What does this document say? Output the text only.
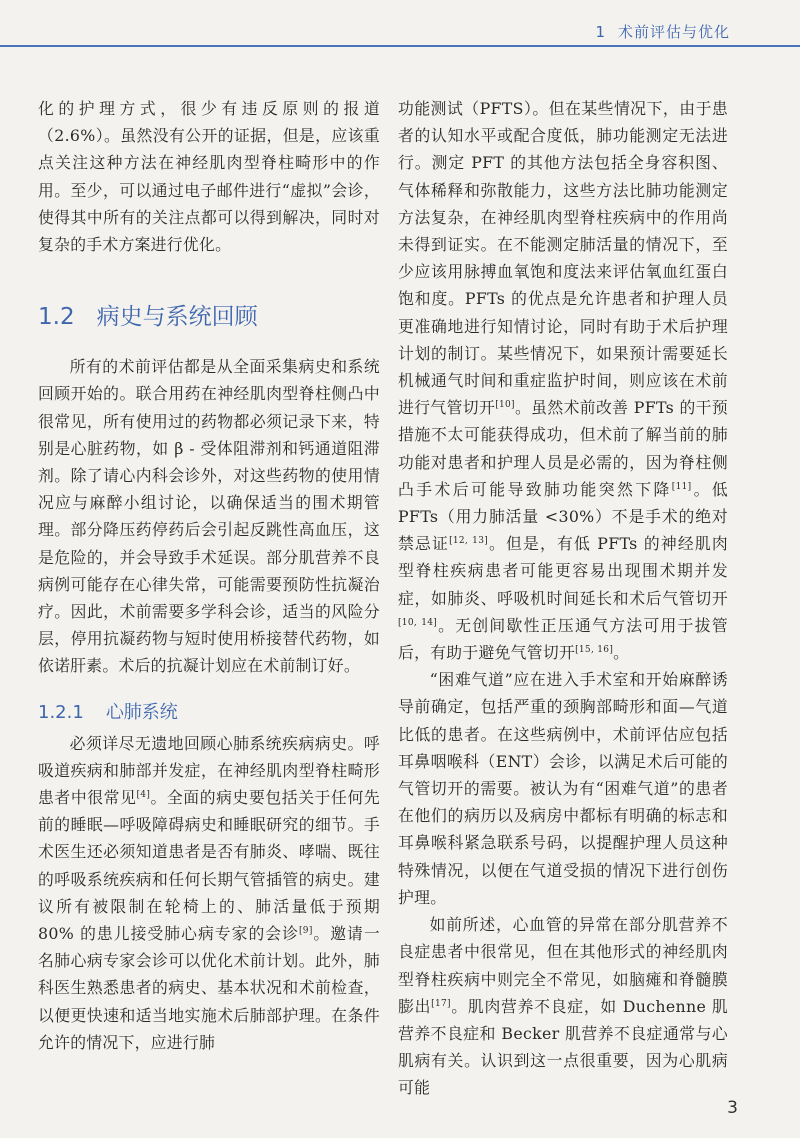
1 术前评估与优化

化的护理方式，很少有违反原则的报道（2.6%）。虽然没有公开的证据，但是，应该重点关注这种方法在神经肌肉型脊柱畸形中的作用。至少，可以通过电子邮件进行“虚拟”会诊，使得其中所有的关注点都可以得到解决，同时对复杂的手术方案进行优化。

1.2 病史与系统回顾

所有的术前评估都是从全面采集病史和系统回顾开始的。联合用药在神经肌肉型脊柱侧凸中很常见，所有使用过的药物都必须记录下来，特别是心脏药物，如 β - 受体阻滞剂和钙通道阻滞剂。除了请心内科会诊外，对这些药物的使用情况应与麻醉小组讨论，以确保适当的围术期管理。部分降压药停药后会引起反跳性高血压，这是危险的，并会导致手术延误。部分肌营养不良病例可能存在心律失常，可能需要预防性抗凝治疗。因此，术前需要多学科会诊，适当的风险分层，停用抗凝药物与短时使用桥接替代药物，如依诺肝素。术后的抗凝计划应在术前制订好。

1.2.1 心肺系统

必须详尽无遗地回顾心肺系统疾病病史。呼吸道疾病和肺部并发症，在神经肌肉型脊柱畸形患者中很常见[4]。全面的病史要包括关于任何先前的睡眠—呼吸障碍病史和睡眠研究的细节。手术医生还必须知道患者是否有肺炎、哮喘、既往的呼吸系统疾病和任何长期气管插管的病史。建议所有被限制在轮椅上的、肺活量低于预期 80% 的患儿接受肺心病专家的会诊[9]。邀请一名肺心病专家会诊可以优化术前计划。此外，肺科医生熟悉患者的病史、基本状况和术前检查，以便更快速和适当地实施术后肺部护理。在条件允许的情况下，应进行肺

功能测试（PFTS）。但在某些情况下，由于患者的认知水平或配合度低，肺功能测定无法进行。测定 PFT 的其他方法包括全身容积图、气体稀释和弥散能力，这些方法比肺功能测定方法复杂，在神经肌肉型脊柱疾病中的作用尚未得到证实。在不能测定肺活量的情况下，至少应该用脉搏血氧饱和度法来评估氧血红蛋白饱和度。PFTs 的优点是允许患者和护理人员更准确地进行知情讨论，同时有助于术后护理计划的制订。某些情况下，如果预计需要延长机械通气时间和重症监护时间，则应该在术前进行气管切开[10]。虽然术前改善 PFTs 的干预措施不太可能获得成功，但术前了解当前的肺功能对患者和护理人员是必需的，因为脊柱侧凸手术后可能导致肺功能突然下降[11]。低 PFTs（用力肺活量 <30%）不是手术的绝对禁忌证[12, 13]。但是，有低 PFTs 的神经肌肉型脊柱疾病患者可能更容易出现围术期并发症，如肺炎、呼吸机时间延长和术后气管切开[10, 14]。无创间歇性正压通气方法可用于拔管后，有助于避免气管切开[15, 16]。

“困难气道”应在进入手术室和开始麻醉诱导前确定，包括严重的颈胸部畸形和面—气道比低的患者。在这些病例中，术前评估应包括耳鼻咽喉科（ENT）会诊，以满足术后可能的气管切开的需要。被认为有“困难气道”的患者在他们的病历以及病房中都标有明确的标志和耳鼻喉科紧急联系号码，以提醒护理人员这种特殊情况，以便在气道受损的情况下进行创伤护理。

如前所述，心血管的异常在部分肌营养不良症患者中很常见，但在其他形式的神经肌肉型脊柱疾病中则完全不常见，如脑瘫和脊髓膜膨出[17]。肌肉营养不良症，如 Duchenne 肌营养不良症和 Becker 肌营养不良症通常与心肌病有关。认识到这一点很重要，因为心肌病可能

3
